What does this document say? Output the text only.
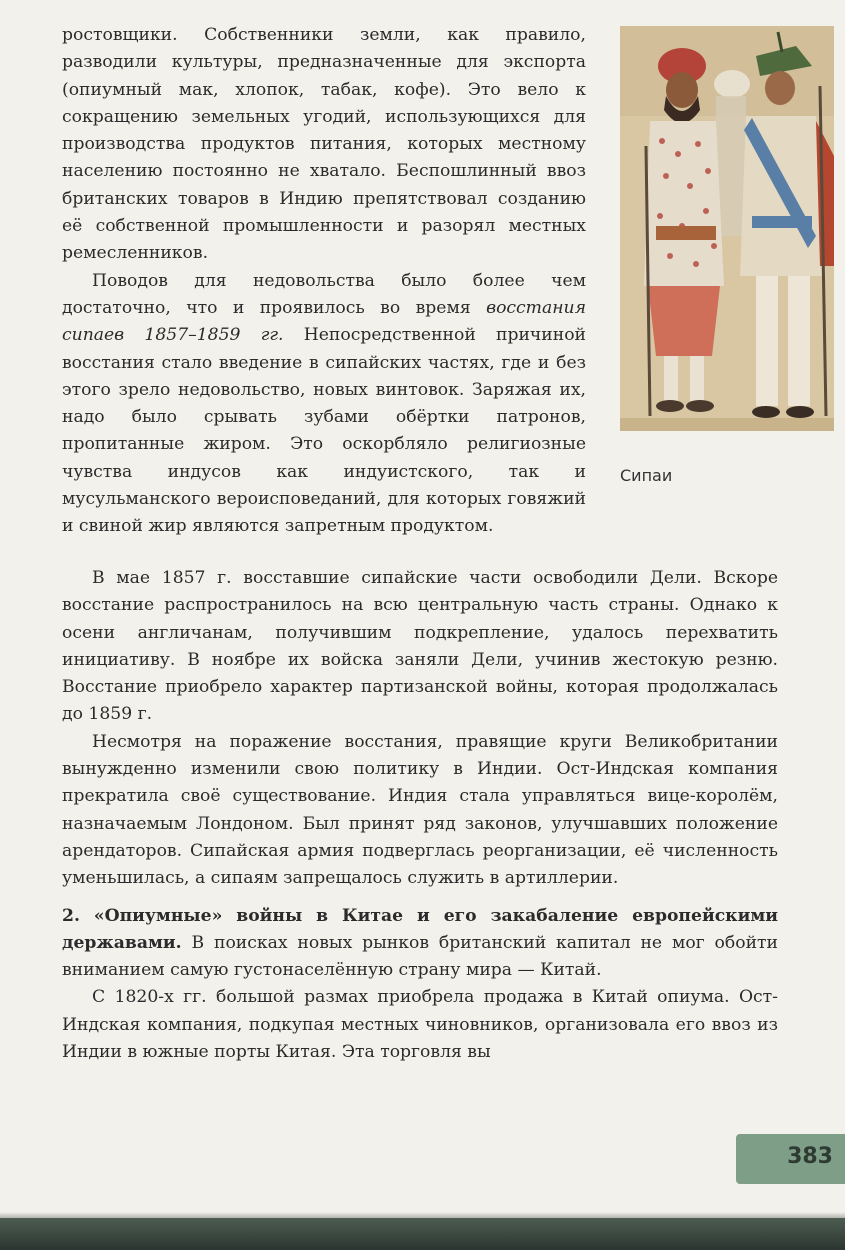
ростовщики. Собственники земли, как правило, разводили культуры, предназначенные для экспорта (опиумный мак, хлопок, табак, кофе). Это вело к сокращению земельных угодий, использующихся для производства продуктов питания, которых местному населению постоянно не хватало. Беспошлинный ввоз британских товаров в Индию препятствовал созданию её собственной промышленности и разорял местных ремесленников.

Поводов для недовольства было более чем достаточно, что и проявилось во время восстания сипаев 1857–1859 гг. Непосредственной причиной восстания стало введение в сипайских частях, где и без этого зрело недовольство, новых винтовок. Заряжая их, надо было срывать зубами обёртки патронов, пропитанные жиром. Это оскорбляло религиозные чувства индусов как индуистского, так и мусульманского вероисповеданий, для которых говяжий и свиной жир являются запретным продуктом.

Сипаи

В мае 1857 г. восставшие сипайские части освободили Дели. Вскоре восстание распространилось на всю центральную часть страны. Однако к осени англичанам, получившим подкрепление, удалось перехватить инициативу. В ноябре их войска заняли Дели, учинив жестокую резню. Восстание приобрело характер партизанской войны, которая продолжалась до 1859 г.

Несмотря на поражение восстания, правящие круги Великобритании вынужденно изменили свою политику в Индии. Ост-Индская компания прекратила своё существование. Индия стала управляться вице-королём, назначаемым Лондоном. Был принят ряд законов, улучшавших положение арендаторов. Сипайская армия подверглась реорганизации, её численность уменьшилась, а сипаям запрещалось служить в артиллерии.

2. «Опиумные» войны в Китае и его закабаление европейскими державами. В поисках новых рынков британский капитал не мог обойти вниманием самую густонаселённую страну мира — Китай.

С 1820-х гг. большой размах приобрела продажа в Китай опиума. Ост-Индская компания, подкупая местных чиновников, организовала его ввоз из Индии в южные порты Китая. Эта торговля вы

383
